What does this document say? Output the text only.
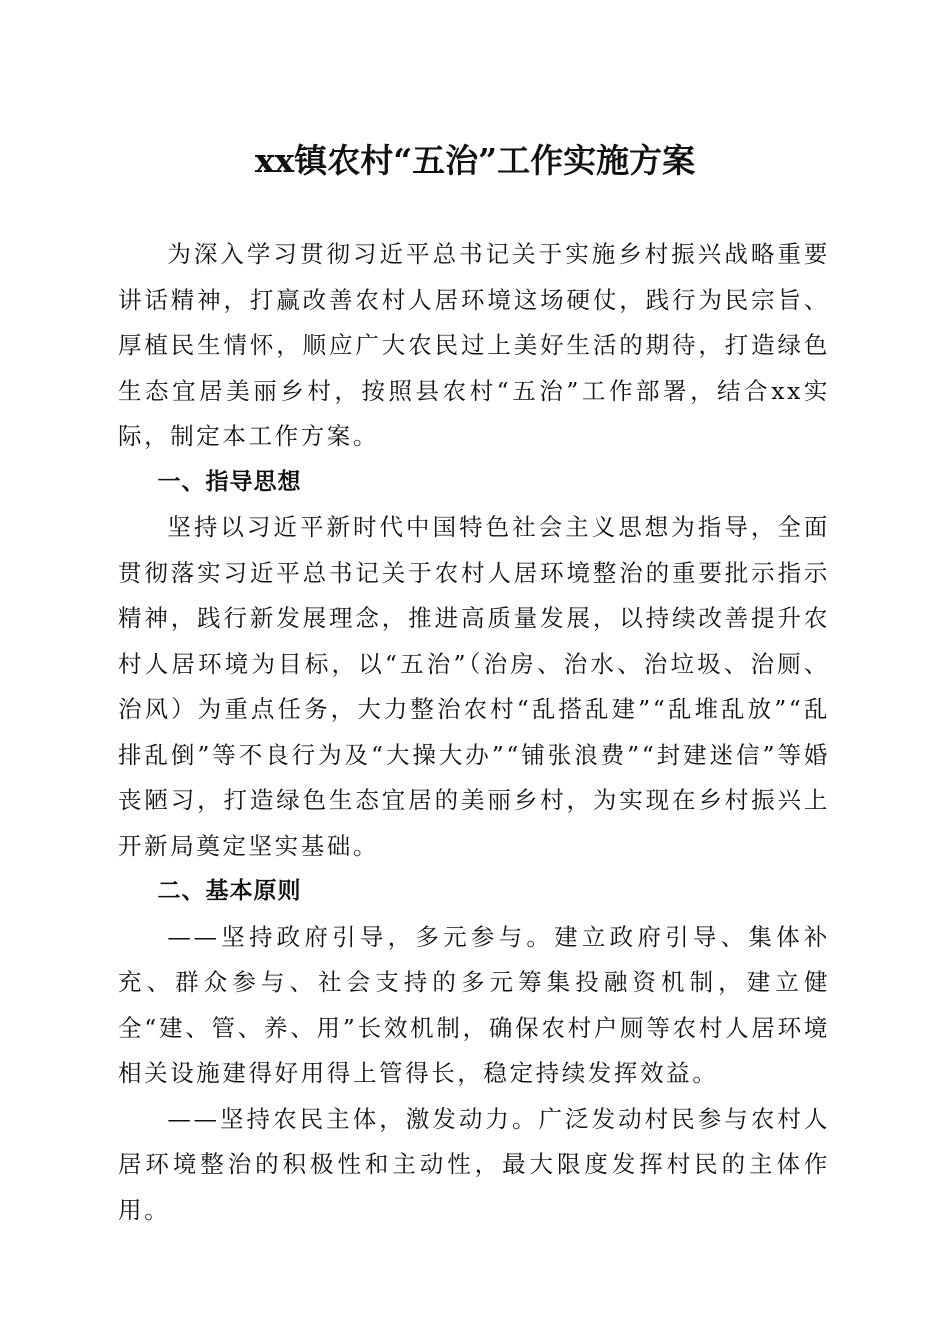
xx镇农村“五治”工作实施方案

为深入学习贯彻习近平总书记关于实施乡村振兴战略重要讲话精神，打赢改善农村人居环境这场硬仗，践行为民宗旨、厚植民生情怀，顺应广大农民过上美好生活的期待，打造绿色生态宜居美丽乡村，按照县农村“五治”工作部署，结合xx实际，制定本工作方案。

一、指导思想

坚持以习近平新时代中国特色社会主义思想为指导，全面贯彻落实习近平总书记关于农村人居环境整治的重要批示指示精神，践行新发展理念，推进高质量发展，以持续改善提升农村人居环境为目标，以“五治”（治房、治水、治垃圾、治厕、治风）为重点任务，大力整治农村“乱搭乱建”“乱堆乱放”“乱排乱倒”等不良行为及“大操大办”“铺张浪费”“封建迷信”等婚丧陋习，打造绿色生态宜居的美丽乡村，为实现在乡村振兴上开新局奠定坚实基础。

二、基本原则

——坚持政府引导，多元参与。建立政府引导、集体补充、群众参与、社会支持的多元筹集投融资机制，建立健全“建、管、养、用”长效机制，确保农村户厕等农村人居环境相关设施建得好用得上管得长，稳定持续发挥效益。

——坚持农民主体，激发动力。广泛发动村民参与农村人居环境整治的积极性和主动性，最大限度发挥村民的主体作用。
